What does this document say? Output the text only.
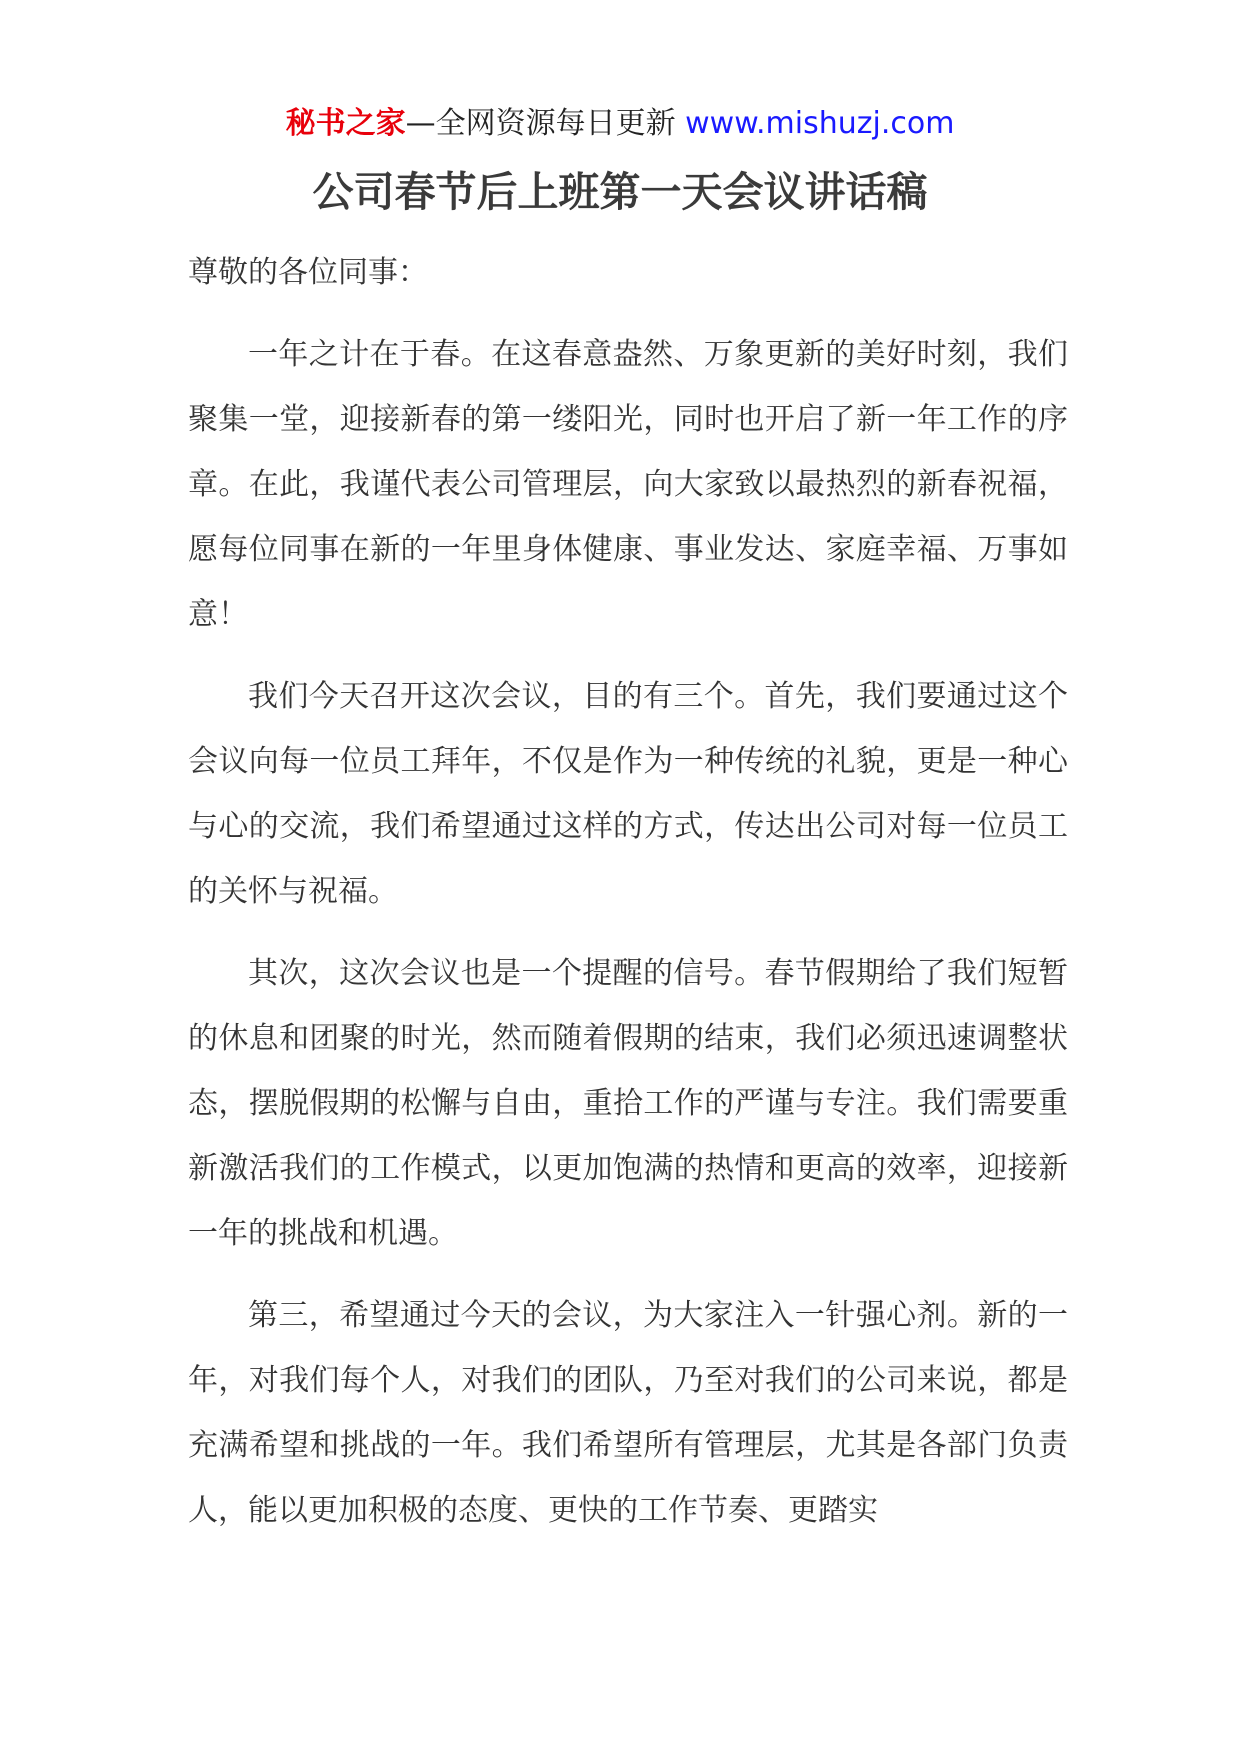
秘书之家—全网资源每日更新 www.mishuzj.com
公司春节后上班第一天会议讲话稿

尊敬的各位同事：

一年之计在于春。在这春意盎然、万象更新的美好时刻，我们聚集一堂，迎接新春的第一缕阳光，同时也开启了新一年工作的序章。在此，我谨代表公司管理层，向大家致以最热烈的新春祝福，愿每位同事在新的一年里身体健康、事业发达、家庭幸福、万事如意！

我们今天召开这次会议，目的有三个。首先，我们要通过这个会议向每一位员工拜年，不仅是作为一种传统的礼貌，更是一种心与心的交流，我们希望通过这样的方式，传达出公司对每一位员工的关怀与祝福。

其次，这次会议也是一个提醒的信号。春节假期给了我们短暂的休息和团聚的时光，然而随着假期的结束，我们必须迅速调整状态，摆脱假期的松懈与自由，重拾工作的严谨与专注。我们需要重新激活我们的工作模式，以更加饱满的热情和更高的效率，迎接新一年的挑战和机遇。

第三，希望通过今天的会议，为大家注入一针强心剂。新的一年，对我们每个人，对我们的团队，乃至对我们的公司来说，都是充满希望和挑战的一年。我们希望所有管理层，尤其是各部门负责人，能以更加积极的态度、更快的工作节奏、更踏实
